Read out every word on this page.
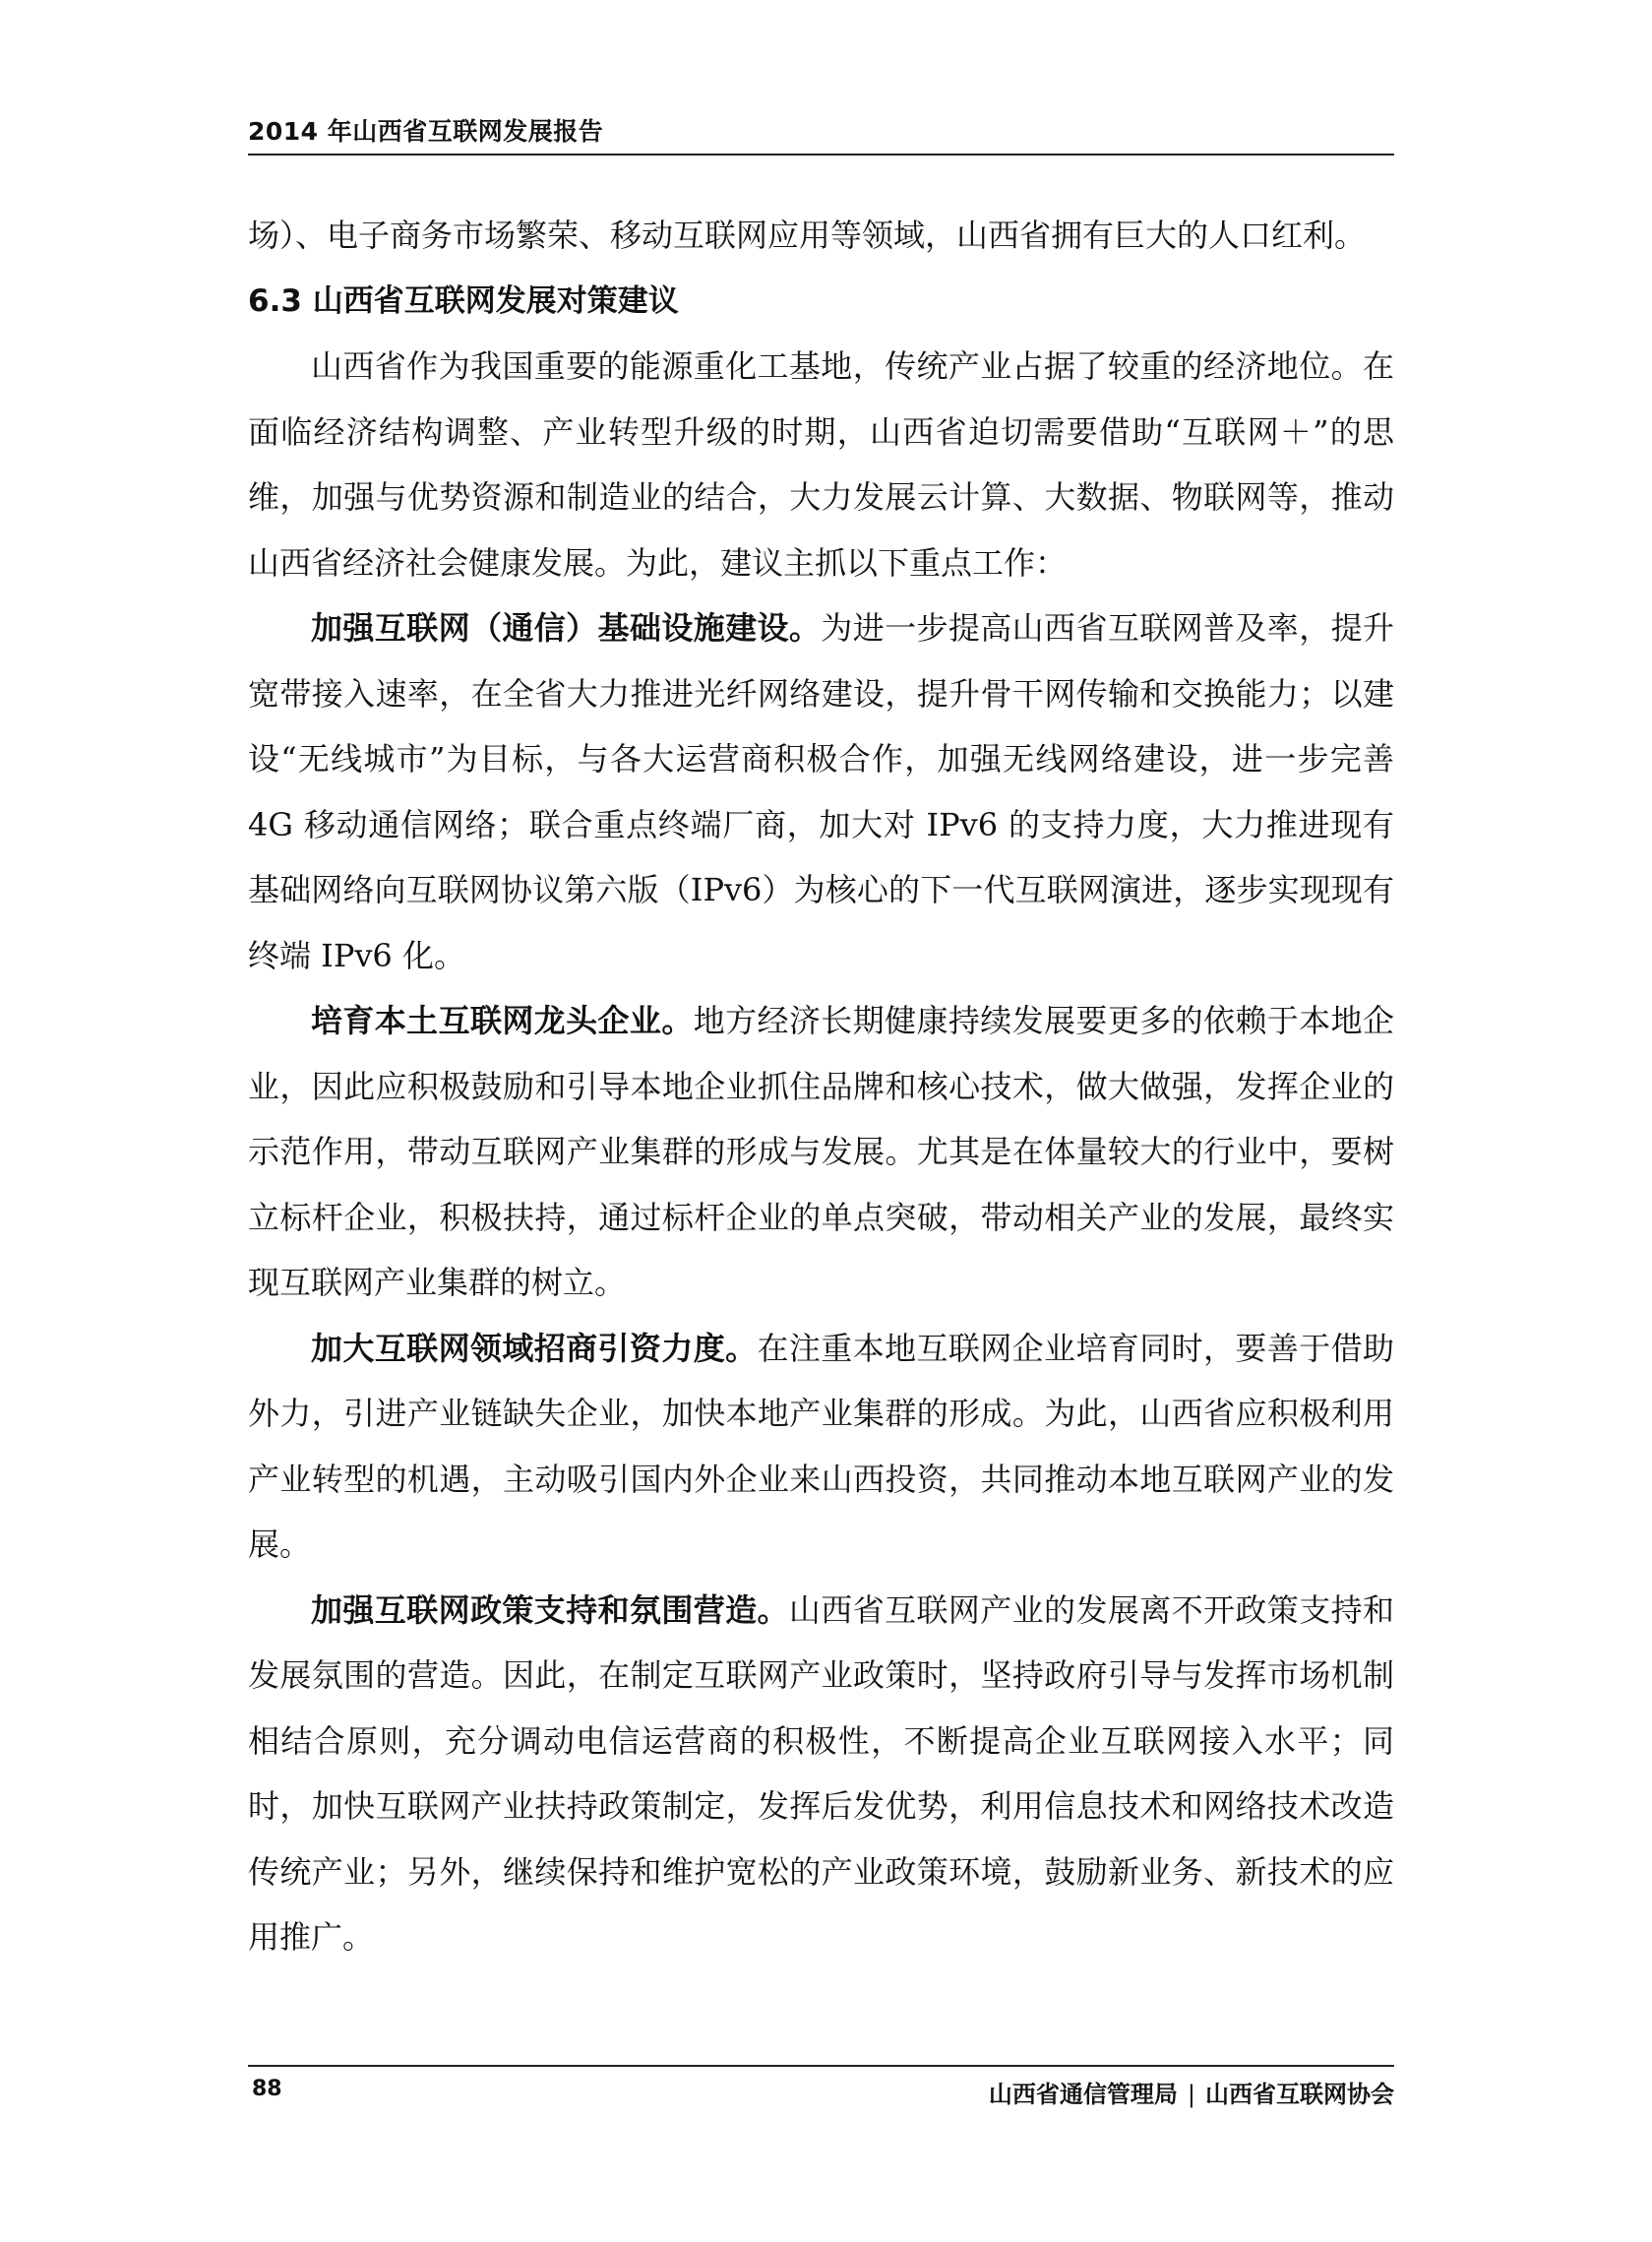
2014 年山西省互联网发展报告

场）、电子商务市场繁荣、移动互联网应用等领域，山西省拥有巨大的人口红利。

6.3 山西省互联网发展对策建议

山西省作为我国重要的能源重化工基地，传统产业占据了较重的经济地位。在面临经济结构调整、产业转型升级的时期，山西省迫切需要借助“互联网＋”的思维，加强与优势资源和制造业的结合，大力发展云计算、大数据、物联网等，推动山西省经济社会健康发展。为此，建议主抓以下重点工作：

加强互联网（通信）基础设施建设。为进一步提高山西省互联网普及率，提升宽带接入速率，在全省大力推进光纤网络建设，提升骨干网传输和交换能力；以建设“无线城市”为目标，与各大运营商积极合作，加强无线网络建设，进一步完善 4G 移动通信网络；联合重点终端厂商，加大对 IPv6 的支持力度，大力推进现有基础网络向互联网协议第六版（IPv6）为核心的下一代互联网演进，逐步实现现有终端 IPv6 化。

培育本土互联网龙头企业。地方经济长期健康持续发展要更多的依赖于本地企业，因此应积极鼓励和引导本地企业抓住品牌和核心技术，做大做强，发挥企业的示范作用，带动互联网产业集群的形成与发展。尤其是在体量较大的行业中，要树立标杆企业，积极扶持，通过标杆企业的单点突破，带动相关产业的发展，最终实现互联网产业集群的树立。

加大互联网领域招商引资力度。在注重本地互联网企业培育同时，要善于借助外力，引进产业链缺失企业，加快本地产业集群的形成。为此，山西省应积极利用产业转型的机遇，主动吸引国内外企业来山西投资，共同推动本地互联网产业的发展。

加强互联网政策支持和氛围营造。山西省互联网产业的发展离不开政策支持和发展氛围的营造。因此，在制定互联网产业政策时，坚持政府引导与发挥市场机制相结合原则，充分调动电信运营商的积极性，不断提高企业互联网接入水平；同时，加快互联网产业扶持政策制定，发挥后发优势，利用信息技术和网络技术改造传统产业；另外，继续保持和维护宽松的产业政策环境，鼓励新业务、新技术的应用推广。

88	山西省通信管理局 | 山西省互联网协会
